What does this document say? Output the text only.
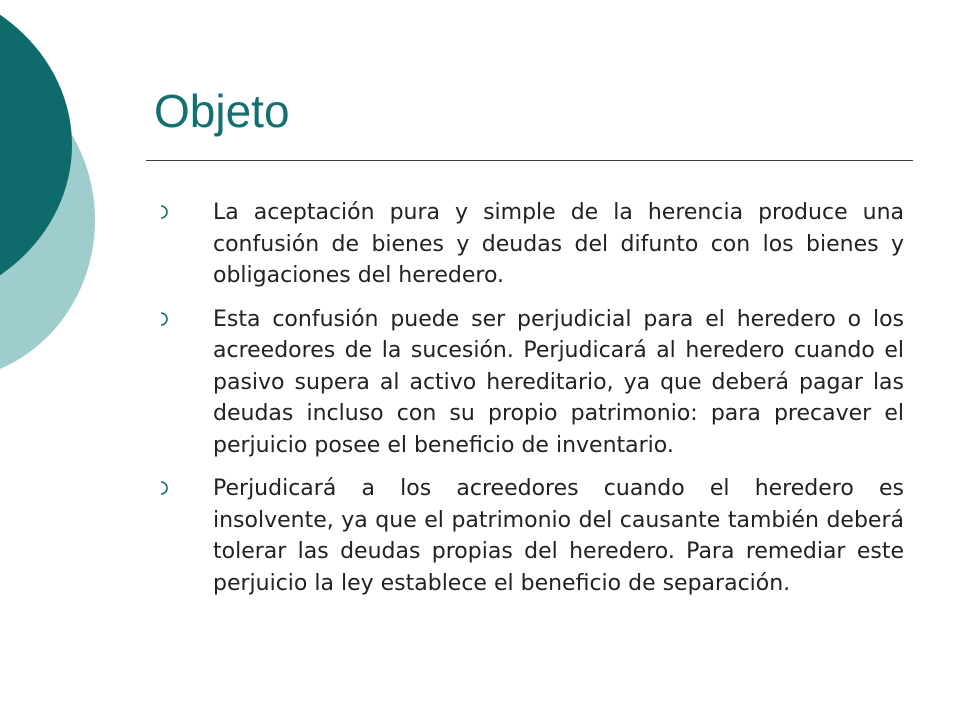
Objeto
La aceptación pura y simple de la herencia produce una confusión de bienes y deudas del difunto con los bienes y obligaciones del heredero.
Esta confusión puede ser perjudicial para el heredero o los acreedores de la sucesión. Perjudicará al heredero cuando el pasivo supera al activo hereditario, ya que deberá pagar las deudas incluso con su propio patrimonio: para precaver el perjuicio posee el beneficio de inventario.
Perjudicará a los acreedores cuando el heredero es insolvente, ya que el patrimonio del causante también deberá tolerar las deudas propias del heredero. Para remediar este perjuicio la ley establece el beneficio de separación.
